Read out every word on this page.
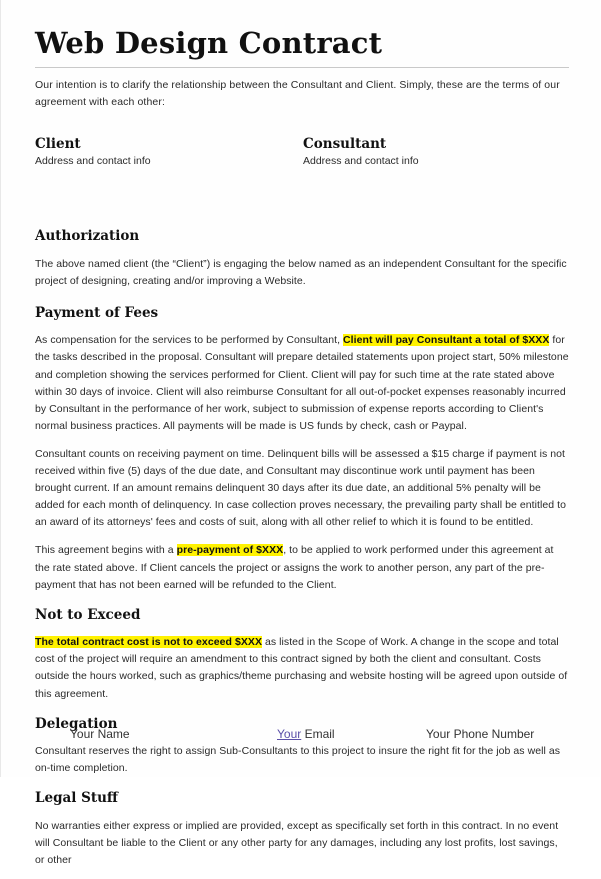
Web Design Contract

Our intention is to clarify the relationship between the Consultant and Client. Simply, these are the terms of our agreement with each other:

Client
Address and contact info
Consultant
Address and contact info
Authorization

The above named client (the “Client”) is engaging the below named as an independent Consultant for the specific project of designing, creating and/or improving a Website.

Payment of Fees

As compensation for the services to be performed by Consultant, Client will pay Consultant a total of $XXX for the tasks described in the proposal. Consultant will prepare detailed statements upon project start, 50% milestone and completion showing the services performed for Client. Client will pay for such time at the rate stated above within 30 days of invoice. Client will also reimburse Consultant for all out-of-pocket expenses reasonably incurred by Consultant in the performance of her work, subject to submission of expense reports according to Client's normal business practices. All payments will be made is US funds by check, cash or Paypal.

Consultant counts on receiving payment on time. Delinquent bills will be assessed a $15 charge if payment is not received within five (5) days of the due date, and Consultant may discontinue work until payment has been brought current. If an amount remains delinquent 30 days after its due date, an additional 5% penalty will be added for each month of delinquency. In case collection proves necessary, the prevailing party shall be entitled to an award of its attorneys' fees and costs of suit, along with all other relief to which it is found to be entitled.

This agreement begins with a pre-payment of $XXX, to be applied to work performed under this agreement at the rate stated above. If Client cancels the project or assigns the work to another person, any part of the pre-payment that has not been earned will be refunded to the Client.

Not to Exceed

The total contract cost is not to exceed $XXX as listed in the Scope of Work. A change in the scope and total cost of the project will require an amendment to this contract signed by both the client and consultant. Costs outside the hours worked, such as graphics/theme purchasing and website hosting will be agreed upon outside of this agreement.

Delegation

Consultant reserves the right to assign Sub-Consultants to this project to insure the right fit for the job as well as on-time completion.

Legal Stuff

No warranties either express or implied are provided, except as specifically set forth in this contract. In no event will Consultant be liable to the Client or any other party for any damages, including any lost profits, lost savings, or other

Your Name	Your Email	Your Phone Number
